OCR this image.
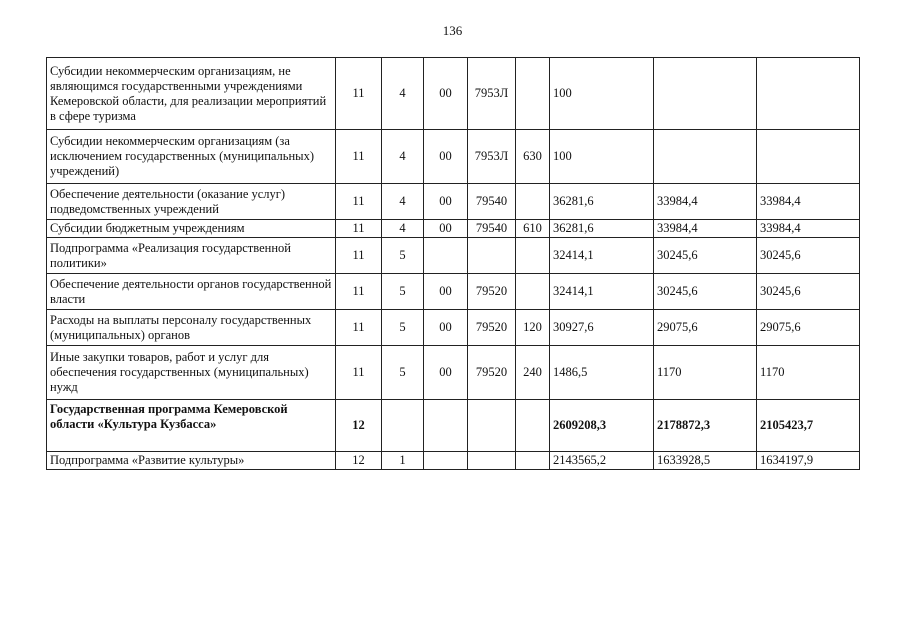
136
Субсидии некоммерческим организациям, не являющимся государственными учреждениями Кемеровской области, для реализации мероприятий в сфере туризма	11	4	00	7953Л		100		
Субсидии некоммерческим организациям (за исключением государственных (муниципальных) учреждений)	11	4	00	7953Л	630	100		
Обеспечение деятельности (оказание услуг) подведомственных учреждений	11	4	00	79540		36281,6	33984,4	33984,4
Субсидии бюджетным учреждениям	11	4	00	79540	610	36281,6	33984,4	33984,4
Подпрограмма «Реализация государственной политики»	11	5				32414,1	30245,6	30245,6
Обеспечение деятельности органов государственной власти	11	5	00	79520		32414,1	30245,6	30245,6
Расходы на выплаты персоналу государственных (муниципальных) органов	11	5	00	79520	120	30927,6	29075,6	29075,6
Иные закупки товаров, работ и услуг для обеспечения государственных (муниципальных) нужд	11	5	00	79520	240	1486,5	1170	1170
Государственная программа Кемеровской области «Культура Кузбасса»	12					2609208,3	2178872,3	2105423,7
Подпрограмма «Развитие культуры»	12	1				2143565,2	1633928,5	1634197,9
